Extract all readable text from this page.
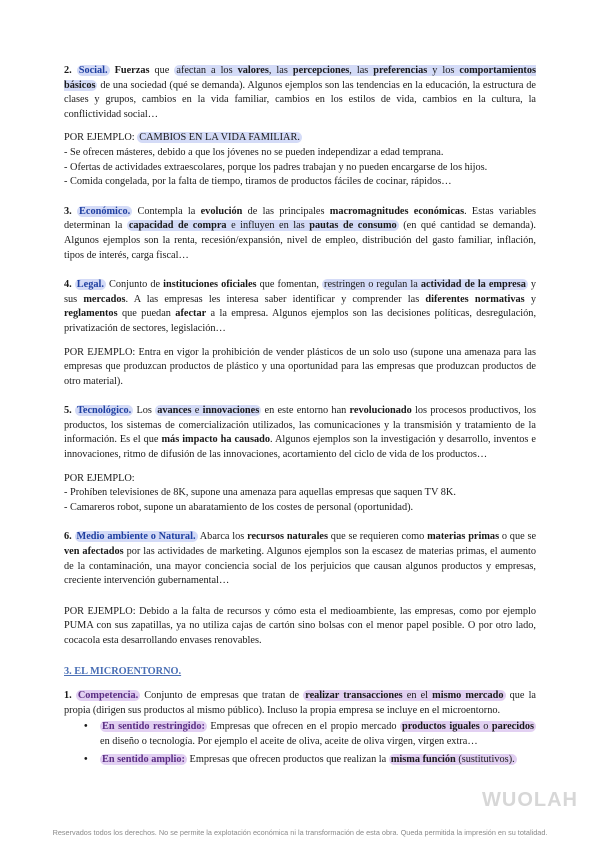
2. Social. Fuerzas que afectan a los valores, las percepciones, las preferencias y los comportamientos básicos de una sociedad (qué se demanda). Algunos ejemplos son las tendencias en la educación, la estructura de clases y grupos, cambios en la vida familiar, cambios en los estilos de vida, cambios en la cultura, la conflictividad social…

POR EJEMPLO: CAMBIOS EN LA VIDA FAMILIAR.

- Se ofrecen másteres, debido a que los jóvenes no se pueden independizar a edad temprana.

- Ofertas de actividades extraescolares, porque los padres trabajan y no pueden encargarse de los hijos.

- Comida congelada, por la falta de tiempo, tiramos de productos fáciles de cocinar, rápidos…

3. Económico. Contempla la evolución de las principales macromagnitudes económicas. Estas variables determinan la capacidad de compra e influyen en las pautas de consumo (en qué cantidad se demanda). Algunos ejemplos son la renta, recesión/expansión, nivel de empleo, distribución del gasto familiar, inflación, tipos de interés, carga fiscal…

4. Legal. Conjunto de instituciones oficiales que fomentan, restringen o regulan la actividad de la empresa y sus mercados. A las empresas les interesa saber identificar y comprender las diferentes normativas y reglamentos que puedan afectar a la empresa. Algunos ejemplos son las decisiones políticas, desregulación, privatización de sectores, legislación…

POR EJEMPLO: Entra en vigor la prohibición de vender plásticos de un solo uso (supone una amenaza para las empresas que produzcan productos de plástico y una oportunidad para las empresas que produzcan productos de otro material).

5. Tecnológico. Los avances e innovaciones en este entorno han revolucionado los procesos productivos, los productos, los sistemas de comercialización utilizados, las comunicaciones y la transmisión y tratamiento de la información. Es el que más impacto ha causado. Algunos ejemplos son la investigación y desarrollo, inventos e innovaciones, ritmo de difusión de las innovaciones, acortamiento del ciclo de vida de los productos…

POR EJEMPLO:

- Prohíben televisiones de 8K, supone una amenaza para aquellas empresas que saquen TV 8K.

- Camareros robot, supone un abaratamiento de los costes de personal (oportunidad).

6. Medio ambiente o Natural. Abarca los recursos naturales que se requieren como materias primas o que se ven afectados por las actividades de marketing. Algunos ejemplos son la escasez de materias primas, el aumento de la contaminación, una mayor conciencia social de los perjuicios que causan algunos productos y empresas, creciente intervención gubernamental…

POR EJEMPLO: Debido a la falta de recursos y cómo esta el medioambiente, las empresas, como por ejemplo PUMA con sus zapatillas, ya no utiliza cajas de cartón sino bolsas con el menor papel posible. O por otro lado, cocacola esta desarrollando envases renovables.

3. EL MICROENTORNO.

1. Competencia. Conjunto de empresas que tratan de realizar transacciones en el mismo mercado que la propia (dirigen sus productos al mismo público). Incluso la propia empresa se incluye en el microentorno.

• En sentido restringido: Empresas que ofrecen en el propio mercado productos iguales o parecidos en diseño o tecnología. Por ejemplo el aceite de oliva, aceite de oliva virgen, virgen extra…
• En sentido amplio: Empresas que ofrecen productos que realizan la misma función (sustitutivos).
WUOLAH
Reservados todos los derechos. No se permite la explotación económica ni la transformación de esta obra. Queda permitida la impresión en su totalidad.
